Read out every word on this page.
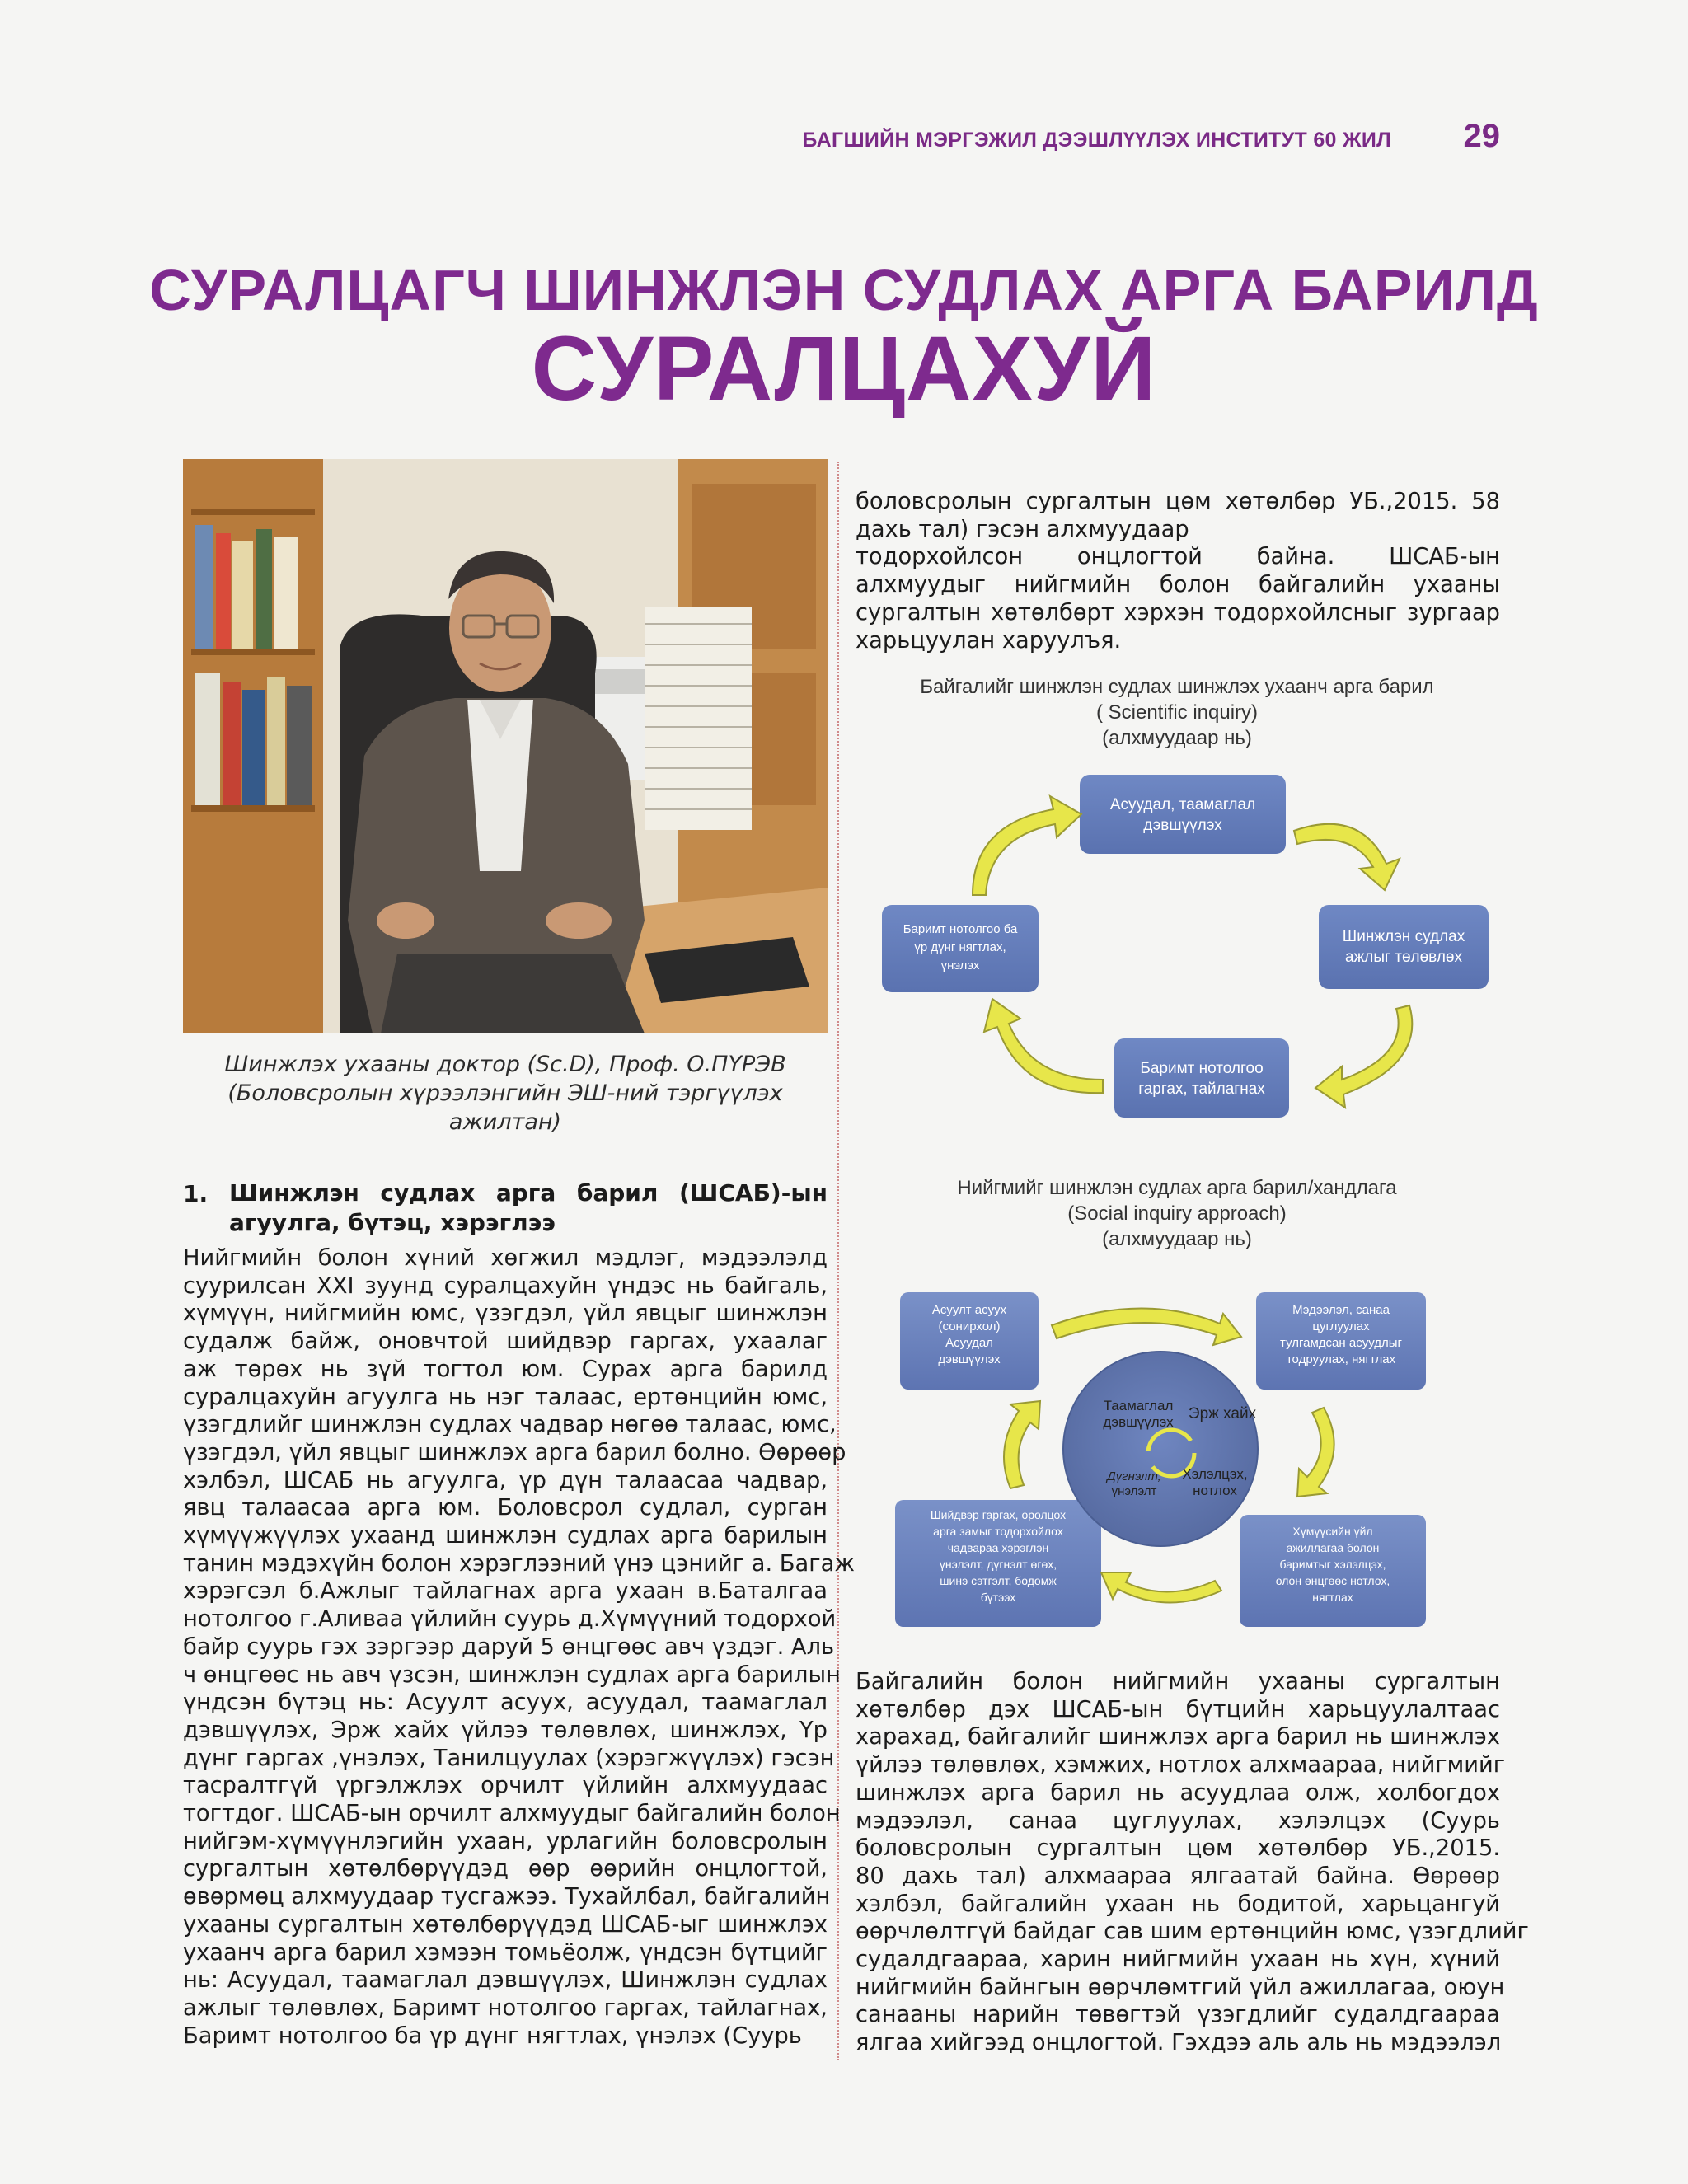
БАГШИЙН МЭРГЭЖИЛ ДЭЭШЛҮҮЛЭХ ИНСТИТУТ 60 ЖИЛ 29
СУРАЛЦАГЧ ШИНЖЛЭН СУДЛАХ АРГА БАРИЛД
СУРАЛЦАХУЙ
Шинжлэх ухааны доктор (Sc.D), Проф. О.ПҮРЭВ
(Боловсролын хүрээлэнгийн ЭШ-ний тэргүүлэх
ажилтан)
1. Шинжлэн судлах арга барил (ШСАБ)-ын
агуулга, бүтэц, хэрэглээ
Нийгмийн болон хүний хөгжил мэдлэг, мэдээлэлд
суурилсан XXI зуунд суралцахуйн үндэс нь байгаль,
хүмүүн, нийгмийн юмс, үзэгдэл, үйл явцыг шинжлэн
судалж байж, оновчтой шийдвэр гаргах, ухаалаг
аж төрөх нь зүй тогтол юм. Сурах арга барилд
суралцахуйн агуулга нь нэг талаас, ертөнцийн юмс,
үзэгдлийг шинжлэн судлах чадвар нөгөө талаас, юмс,
үзэгдэл, үйл явцыг шинжлэх арга барил болно. Өөрөөр
хэлбэл, ШСАБ нь агуулга, үр дүн талаасаа чадвар,
явц талаасаа арга юм. Боловсрол судлал, сурган
хүмүүжүүлэх ухаанд шинжлэн судлах арга барилын
танин мэдэхүйн болон хэрэглээний үнэ цэнийг а. Багаж
хэрэгсэл б.Ажлыг тайлагнах арга ухаан в.Баталгаа
нотолгоо г.Аливаа үйлийн суурь д.Хүмүүний тодорхой
байр суурь гэх зэргээр даруй 5 өнцгөөс авч үздэг. Аль
ч өнцгөөс нь авч үзсэн, шинжлэн судлах арга барилын
үндсэн бүтэц нь: Асуулт асуух, асуудал, таамаглал
дэвшүүлэх, Эрж хайх үйлээ төлөвлөх, шинжлэх, Үр
дүнг гаргах ,үнэлэх, Танилцуулах (хэрэгжүүлэх) гэсэн
тасралтгүй үргэлжлэх орчилт үйлийн алхмуудаас
тогтдог. ШСАБ-ын орчилт алхмуудыг байгалийн болон
нийгэм-хүмүүнлэгийн ухаан, урлагийн боловсролын
сургалтын хөтөлбөрүүдэд өөр өөрийн онцлогтой,
өвөрмөц алхмуудаар тусгажээ. Тухайлбал, байгалийн
ухааны сургалтын хөтөлбөрүүдэд ШСАБ-ыг шинжлэх
ухаанч арга барил хэмээн томьёолж, үндсэн бүтцийг
нь: Асуудал, таамаглал дэвшүүлэх, Шинжлэн судлах
ажлыг төлөвлөх, Баримт нотолгоо гаргах, тайлагнах,
Баримт нотолгоо ба үр дүнг нягтлах, үнэлэх (Суурь
боловсролын сургалтын цөм хөтөлбөр УБ.,2015. 58
дахь тал) гэсэн алхмуудаар
тодорхойлсон онцлогтой байна. ШСАБ-ын
алхмуудыг нийгмийн болон байгалийн ухааны
сургалтын хөтөлбөрт хэрхэн тодорхойлсныг зургаар
харьцуулан харуулъя.
Байгалийг шинжлэн судлах шинжлэх ухаанч арга барил
( Scientific inquiry)
(алхмуудаар нь)
Асуудал, таамаглал
дэвшүүлэх
Шинжлэн судлах
ажлыг төлөвлөх
Баримт нотолгоо
гаргах, тайлагнах
Баримт нотолгоо ба
үр дүнг нягтлах,
үнэлэх
Нийгмийг шинжлэн судлах арга барил/хандлага
(Social inquiry approach)
(алхмуудаар нь)
Асуулт асуух
(сонирхол)
Асуудал
дэвшүүлэх
Мэдээлэл, санаа
цуглуулах
тулгамдсан асуудлыг
тодруулах, нягтлах
Шийдвэр гаргах, оролцох
арга замыг тодорхойлох
чадвараа хэрэглэн
үнэлэлт, дүгнэлт өгөх,
шинэ сэтгэлт, бодомж
бүтээх
Хүмүүсийн үйл
ажиллагаа болон
баримтыг хэлэлцэх,
олон өнцгөөс нотлох,
нягтлах
Таамаглал
дэвшүүлэх Эрж хайх
Дүгнэлт,
үнэлэлт
Хэлэлцэх,
нотлох
Байгалийн болон нийгмийн ухааны сургалтын
хөтөлбөр дэх ШСАБ-ын бүтцийн харьцуулалтаас
харахад, байгалийг шинжлэх арга барил нь шинжлэх
үйлээ төлөвлөх, хэмжих, нотлох алхмаараа, нийгмийг
шинжлэх арга барил нь асуудлаа олж, холбогдох
мэдээлэл, санаа цуглуулах, хэлэлцэх (Суурь
боловсролын сургалтын цөм хөтөлбөр УБ.,2015.
80 дахь тал) алхмаараа ялгаатай байна. Өөрөөр
хэлбэл, байгалийн ухаан нь бодитой, харьцангуй
өөрчлөлтгүй байдаг сав шим ертөнцийн юмс, үзэгдлийг
судалдгаараа, харин нийгмийн ухаан нь хүн, хүний
нийгмийн байнгын өөрчлөмтгий үйл ажиллагаа, оюун
санааны нарийн төвөгтэй үзэгдлийг судалдгаараа
ялгаа хийгээд онцлогтой. Гэхдээ аль аль нь мэдээлэл
